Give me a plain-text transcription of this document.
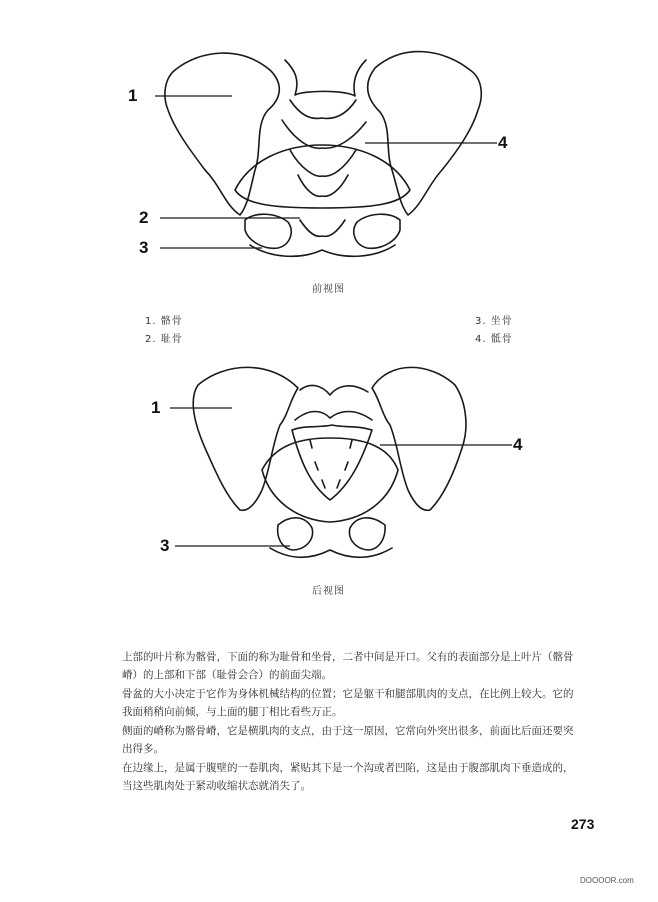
1
2
3
4
前视图
1. 骼骨
2. 耻骨
3. 坐骨
4. 骶骨
1
4
3
后视图

上部的叶片称为髂骨，下面的称为耻骨和坐骨，二者中间是开口。父有的表面部分是上叶片（髂骨嵴）的上部和下部（耻骨会合）的前面尖端。

骨盆的大小决定于它作为身体机械结构的位置；它是躯干和腿部肌肉的支点，在比例上较大。它的我面稍稍向前倾，与上面的腿丁相比看些万正。

侧面的嵴称为髂骨嵴，它是横肌肉的支点，由于这一原因，它常向外突出很多，前面比后面还要突出得多。

在边缘上，是属于腹壁的一卷肌肉，紧贴其下是一个沟或者凹陷，这是由于腹部肌肉下垂造成的，当这些肌肉处于紧动收缩状态就消失了。

273
DOOOOR.com
